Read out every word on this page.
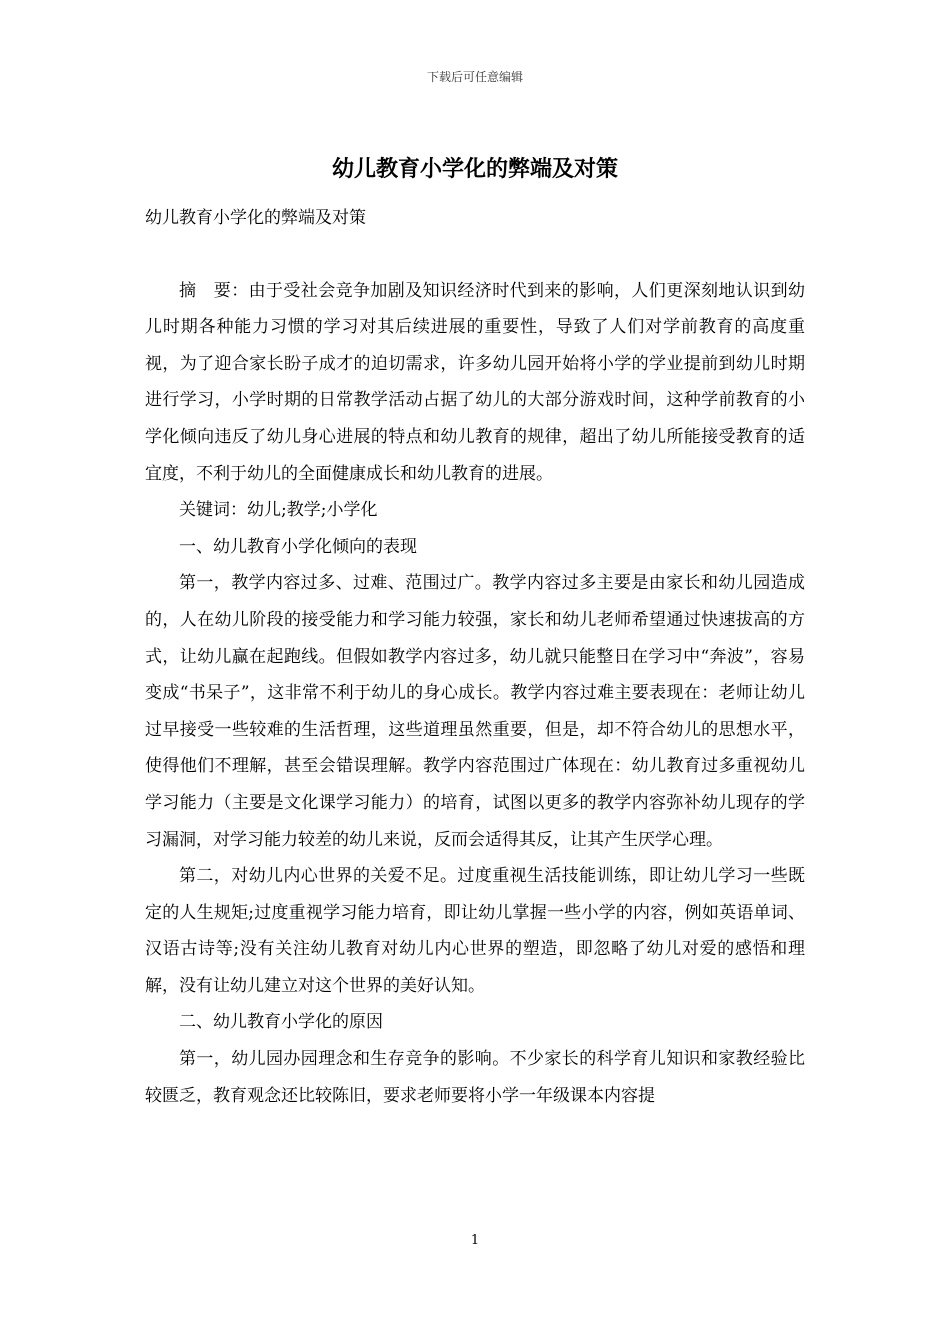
下载后可任意编辑
幼儿教育小学化的弊端及对策

幼儿教育小学化的弊端及对策

摘　要：由于受社会竞争加剧及知识经济时代到来的影响，人们更深刻地认识到幼儿时期各种能力习惯的学习对其后续进展的重要性，导致了人们对学前教育的高度重视，为了迎合家长盼子成才的迫切需求，许多幼儿园开始将小学的学业提前到幼儿时期进行学习，小学时期的日常教学活动占据了幼儿的大部分游戏时间，这种学前教育的小学化倾向违反了幼儿身心进展的特点和幼儿教育的规律，超出了幼儿所能接受教育的适宜度，不利于幼儿的全面健康成长和幼儿教育的进展。

关键词：幼儿;教学;小学化

一、幼儿教育小学化倾向的表现

第一，教学内容过多、过难、范围过广。教学内容过多主要是由家长和幼儿园造成的，人在幼儿阶段的接受能力和学习能力较强，家长和幼儿老师希望通过快速拔高的方式，让幼儿赢在起跑线。但假如教学内容过多，幼儿就只能整日在学习中“奔波”，容易变成“书呆子”，这非常不利于幼儿的身心成长。教学内容过难主要表现在：老师让幼儿过早接受一些较难的生活哲理，这些道理虽然重要，但是，却不符合幼儿的思想水平，使得他们不理解，甚至会错误理解。教学内容范围过广体现在：幼儿教育过多重视幼儿学习能力（主要是文化课学习能力）的培育，试图以更多的教学内容弥补幼儿现存的学习漏洞，对学习能力较差的幼儿来说，反而会适得其反，让其产生厌学心理。

第二，对幼儿内心世界的关爱不足。过度重视生活技能训练，即让幼儿学习一些既定的人生规矩;过度重视学习能力培育，即让幼儿掌握一些小学的内容，例如英语单词、汉语古诗等;没有关注幼儿教育对幼儿内心世界的塑造，即忽略了幼儿对爱的感悟和理解，没有让幼儿建立对这个世界的美好认知。

二、幼儿教育小学化的原因

第一，幼儿园办园理念和生存竞争的影响。不少家长的科学育儿知识和家教经验比较匮乏，教育观念还比较陈旧，要求老师要将小学一年级课本内容提

1
